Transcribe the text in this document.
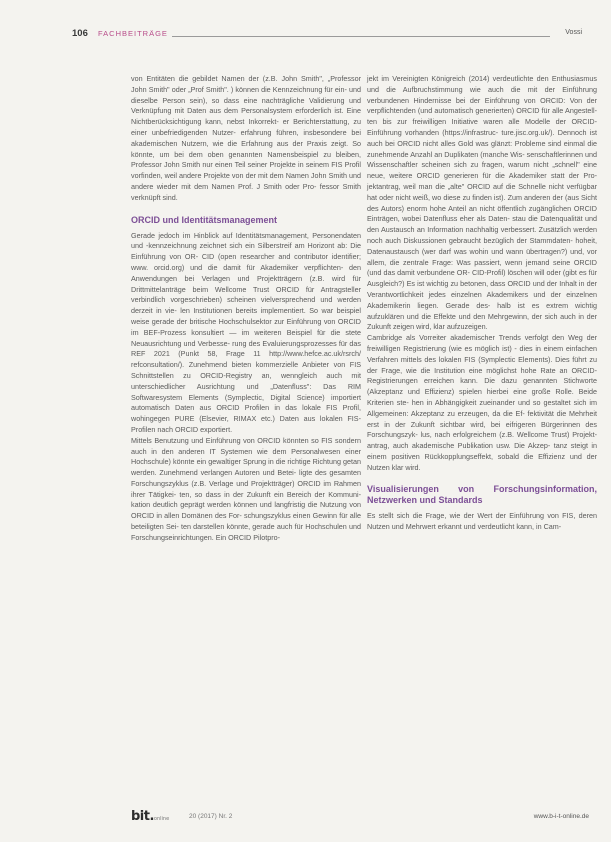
106 FACHBEITRÄGE	Vossi

von Entitäten die gebildet Namen der (z.B. John Smith", „Professor John Smith" oder „Prof Smith". ) können die Kennzeichnung für ein- und dieselbe Person sein), so dass eine nachträgliche Validierung und Verknüpfung mit Daten aus dem Personalsystem erforderlich ist. Eine Nichtberücksichtigung kann, nebst Inkorrekt- er Berichterstattung, zu einer unbefriedigenden Nutzer- erfahrung führen, insbesondere bei akademischen Nutzern, wie die Erfahrung aus der Praxis zeigt. So könnte, um bei dem oben genannten Namensbeispiel zu bleiben, Professor John Smith nur einen Teil seiner Projekte in seinem FIS Profil vorfinden, weil andere Projekte von der mit dem Namen John Smith und andere wieder mit dem Namen Prof. J Smith oder Pro- fessor Smith verknüpft sind.

ORCID und Identitätsmanagement

Gerade jedoch im Hinblick auf Identitätsmanagement, Personendaten und -kennzeichnung zeichnet sich ein Silberstreif am Horizont ab: Die Einführung von OR- CID (open researcher and contributor identifier; www. orcid.org) und die damit für Akademiker verpflichten- den Anwendungen bei Verlagen und Projektträgern (z.B. wird für Drittmittelanträge beim Wellcome Trust ORCID für Antragsteller verbindlich vorgeschrieben) scheinen vielversprechend und werden derzeit in vie- len Institutionen bereits implementiert. So war beispiel weise gerade der britische Hochschulsektor zur Einführung von ORCID im BEF-Prozess konsultiert — im weiteren Beispiel für die stete Neuausrichtung und Verbesse- rung des Evaluierungsprozesses für das REF 2021 (Punkt 58, Frage 11 http://www.hefce.ac.uk/rsrch/ refconsultation/). Zunehmend bieten kommerzielle Anbieter von FIS Schnittstellen zu ORCID-Registry an, wenngleich auch mit unterschiedlicher Ausrichtung und „Datenfluss": Das RIM Softwaresystem Elements (Symplectic, Digital Science) importiert automatisch Daten aus ORCID Profilen in das lokale FIS Profil, wohingegen PURE (Elsevier, RIMAX etc.) Daten aus lokalen FIS-Profilen nach ORCID exportiert.

Mittels Benutzung und Einführung von ORCID könnten so FIS sondern auch in den anderen IT Systemen wie dem Personalwesen einer Hochschule) könnte ein gewaltiger Sprung in die richtige Richtung getan werden. Zunehmend verlangen Autoren und Betei- ligte des gesamten Forschungszyklus (z.B. Verlage und Projektträger) ORCID im Rahmen ihrer Tätigkei- ten, so dass in der Zukunft ein Bereich der Kommuni- kation deutlich geprägt werden können und langfristig die Nutzung von ORCID in allen Domänen des For- schungszyklus einen Gewinn für alle beteiligten Sei- ten darstellen könnte, gerade auch für Hochschulen und Forschungseinrichtungen. Ein ORCID Pilotpro-

jekt im Vereinigten Königreich (2014) verdeutlichte den Enthusiasmus und die Aufbruchstimmung wie auch die mit der Einführung verbundenen Hindernisse bei der Einführung von ORCID: Von der verpflichtenden (und automatisch generierten) ORCID für alle Angestell- ten bis zur freiwilligen Initiative waren alle Modelle der ORCID-Einführung vorhanden (https://infrastruc- ture.jisc.org.uk/). Dennoch ist auch bei ORCID nicht alles Gold was glänzt: Probleme sind einmal die zunehmende Anzahl an Duplikaten (manche Wis- senschaftlerinnen und Wissenschaftler scheinen sich zu fragen, warum nicht „schnell" eine neue, weitere ORCID generieren für die Akademiker statt der Pro- jektantrag, weil man die „alte" ORCID auf die Schnelle nicht verfügbar hat oder nicht weiß, wo diese zu finden ist). Zum anderen der (aus Sicht des Autors) enorm hohe Anteil an nicht öffentlich zugänglichen ORCID Einträgen, wobei Datenfluss eher als Daten- stau die Datenqualität und den Austausch an Information nachhaltig verbessert. Zusätzlich werden noch auch Diskussionen gebraucht bezüglich der Stammdaten- hoheit, Datenaustausch (wer darf was wohin und wann übertragen?) und, vor allem, die zentrale Frage: Was passiert, wenn jemand seine ORCID (und das damit verbundene OR- CID-Profil) löschen will oder (gibt es für Ausgleich?) Es ist wichtig zu betonen, dass ORCID und der Inhalt in der Verantwortlichkeit jedes einzelnen Akademikers und der einzelnen Akademikerin liegen. Gerade des- halb ist es extrem wichtig aufzuklären und die Effekte und den Mehrgewinn, der sich auch in der Zukunft zeigen wird, klar aufzuzeigen.

Cambridge als Vorreiter akademischer Trends verfolgt den Weg der freiwilligen Registrierung (wie es möglich ist) - dies in einem einfachen Verfahren mittels des lokalen FIS (Symplectic Elements). Dies führt zu der Frage, wie die Institution eine möglichst hohe Rate an ORCID-Registrierungen erreichen kann. Die dazu genannten Stichworte (Akzeptanz und Effizienz) spielen hierbei eine große Rolle. Beide Kriterien ste- hen in Abhängigkeit zueinander und so gestaltet sich im Allgemeinen: Akzeptanz zu erzeugen, da die Ef- fektivität die Mehrheit erst in der Zukunft sichtbar wird, bei eifrigeren Bürgerinnen des Forschungszyk- lus, nach erfolgreichem (z.B. Wellcome Trust) Projekt- antrag, auch akademische Publikation usw. Die Akzep- tanz steigt in einem positiven Rückkopplungseffekt, sobald die Effizienz und der Nutzen klar wird.

Visualisierungen von Forschungsinformation, Netzwerken und Standards

Es stellt sich die Frage, wie der Wert der Einführung von FIS, deren Nutzen und Mehrwert erkannt und verdeutlicht kann, in Cam-

bit.online	20 (2017) Nr. 2	www.b-i-t-online.de
